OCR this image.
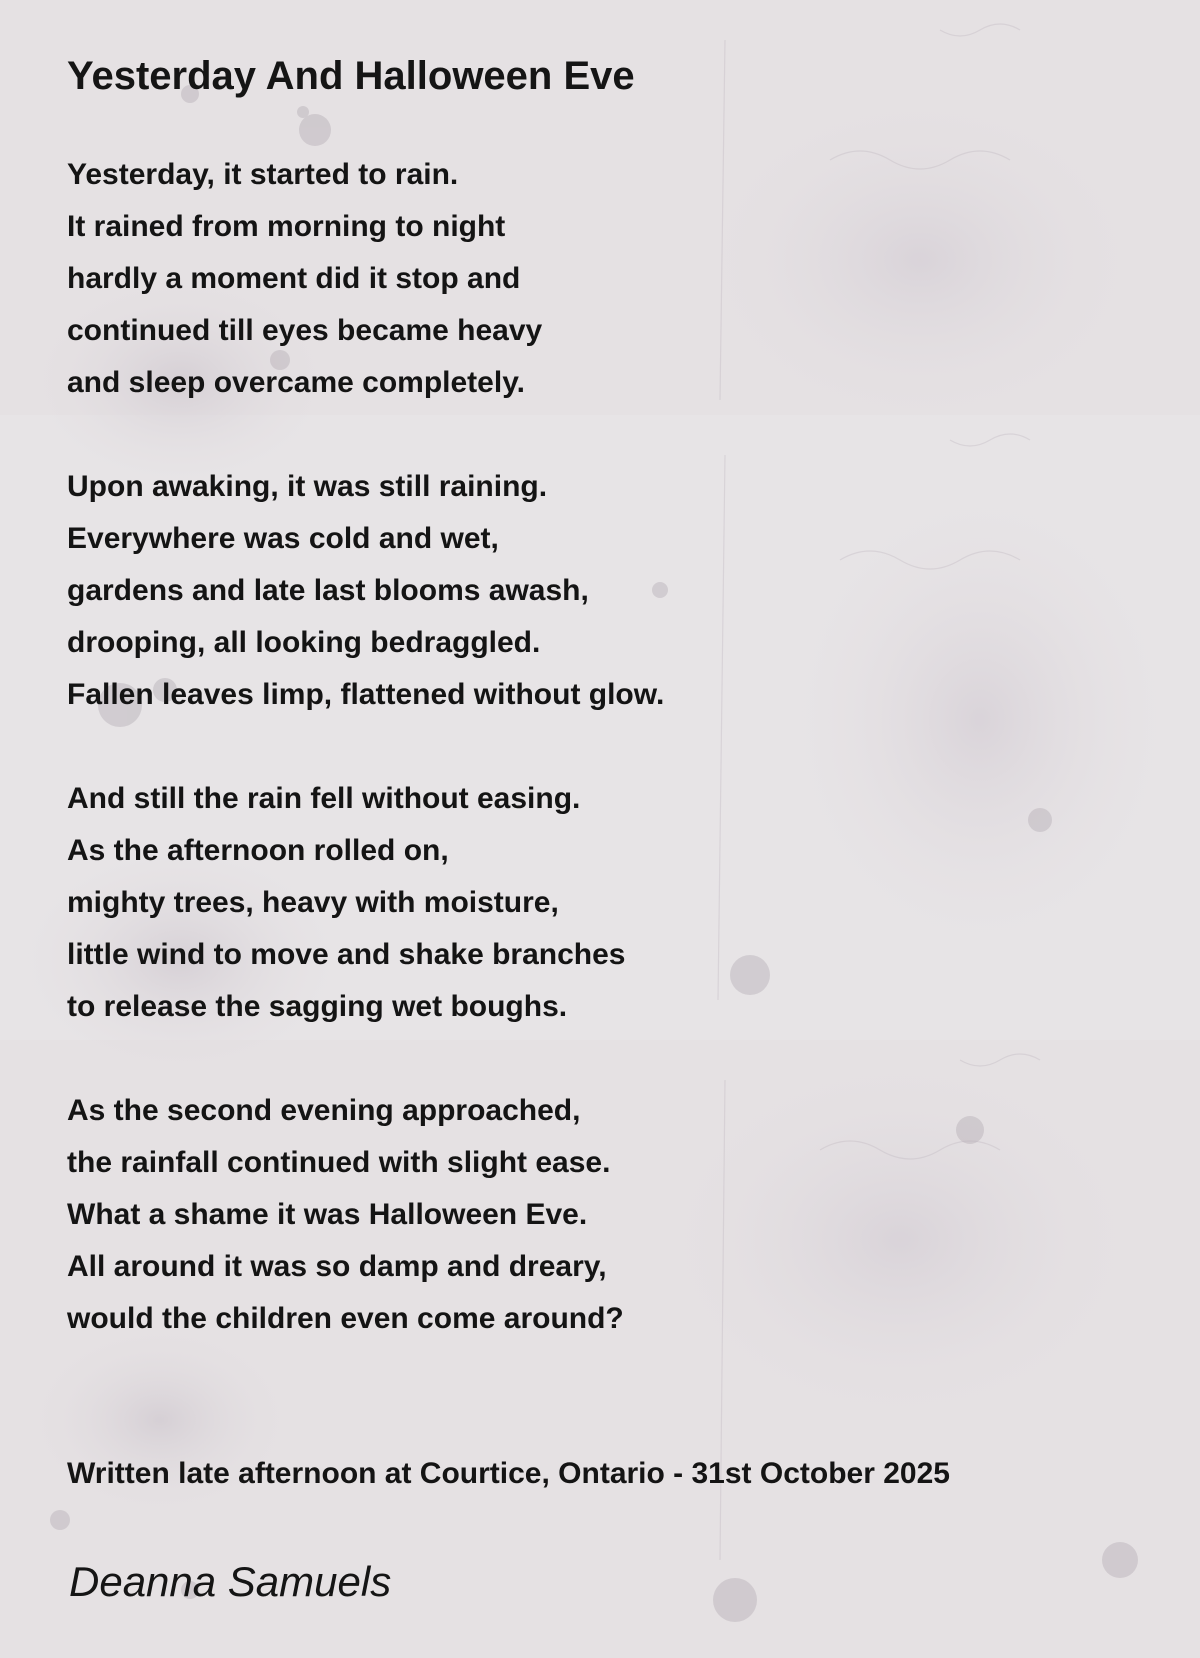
Yesterday And Halloween Eve
Yesterday, it started to rain.
It rained from morning to night
hardly a moment did it stop and
continued till eyes became heavy
and sleep overcame completely.
Upon awaking, it was still raining.
Everywhere was cold and wet,
gardens and late last blooms awash,
drooping, all looking bedraggled.
Fallen leaves limp, flattened without glow.
And still the rain fell without easing.
As the afternoon rolled on,
mighty trees, heavy with moisture,
little wind to move and shake branches
to release the sagging wet boughs.
As the second evening approached,
the rainfall continued with slight ease.
What a shame it was Halloween Eve.
All around it was so damp and dreary,
would the children even come around?

Written late afternoon at Courtice, Ontario - 31st October 2025

Deanna Samuels
